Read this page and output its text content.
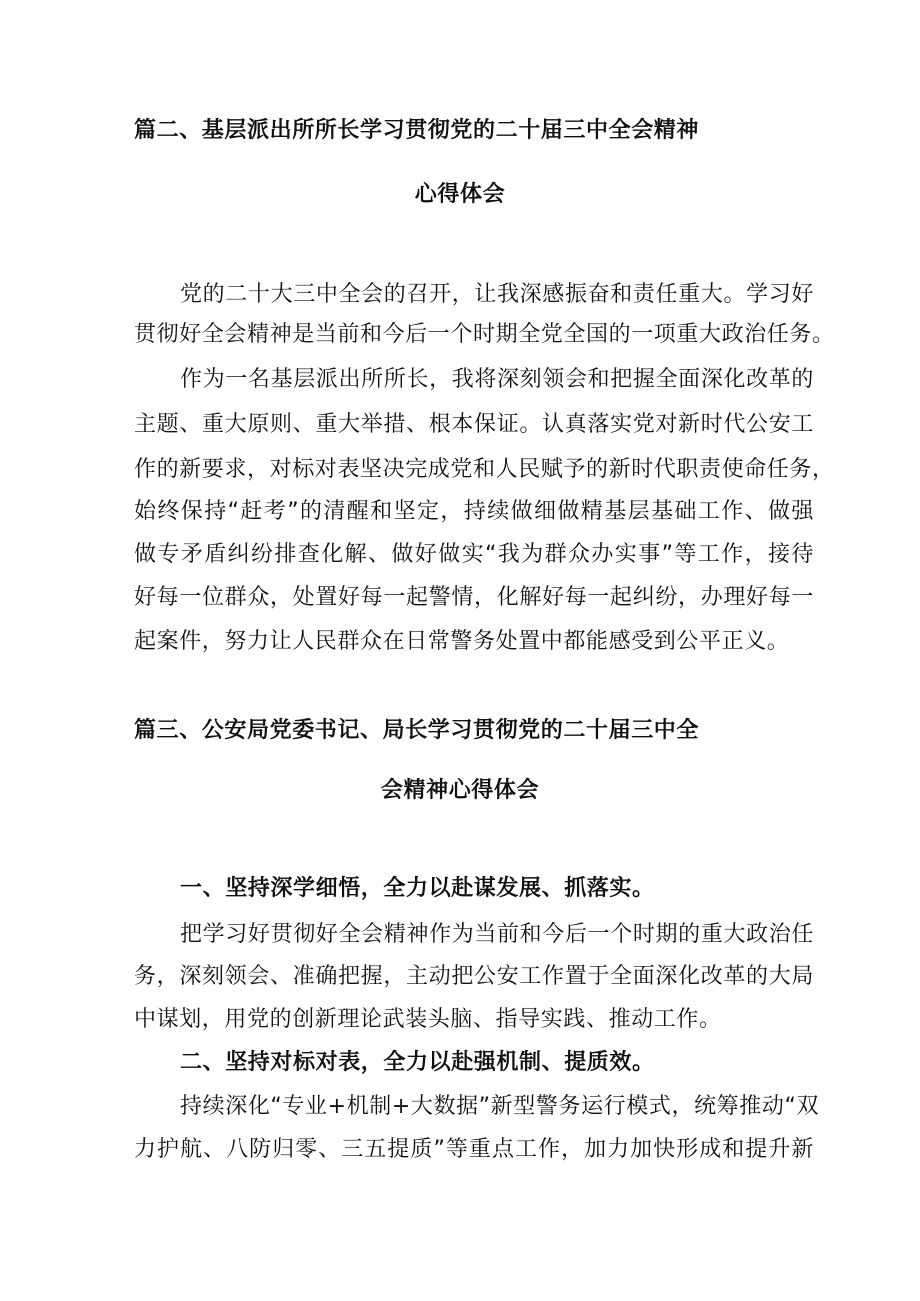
篇二、基层派出所所长学习贯彻党的二十届三中全会精神
心得体会
党的二十大三中全会的召开，让我深感振奋和责任重大。学习好
贯彻好全会精神是当前和今后一个时期全党全国的一项重大政治任务。
作为一名基层派出所所长，我将深刻领会和把握全面深化改革的
主题、重大原则、重大举措、根本保证。认真落实党对新时代公安工
作的新要求，对标对表坚决完成党和人民赋予的新时代职责使命任务，
始终保持“赶考”的清醒和坚定，持续做细做精基层基础工作、做强
做专矛盾纠纷排查化解、做好做实“我为群众办实事”等工作，接待
好每一位群众，处置好每一起警情，化解好每一起纠纷，办理好每一
起案件，努力让人民群众在日常警务处置中都能感受到公平正义。
篇三、公安局党委书记、局长学习贯彻党的二十届三中全
会精神心得体会
一、坚持深学细悟，全力以赴谋发展、抓落实。
把学习好贯彻好全会精神作为当前和今后一个时期的重大政治任
务，深刻领会、准确把握，主动把公安工作置于全面深化改革的大局
中谋划，用党的创新理论武装头脑、指导实践、推动工作。
二、坚持对标对表，全力以赴强机制、提质效。
持续深化“专业+机制+大数据”新型警务运行模式，统筹推动“双
力护航、八防归零、三五提质”等重点工作，加力加快形成和提升新
